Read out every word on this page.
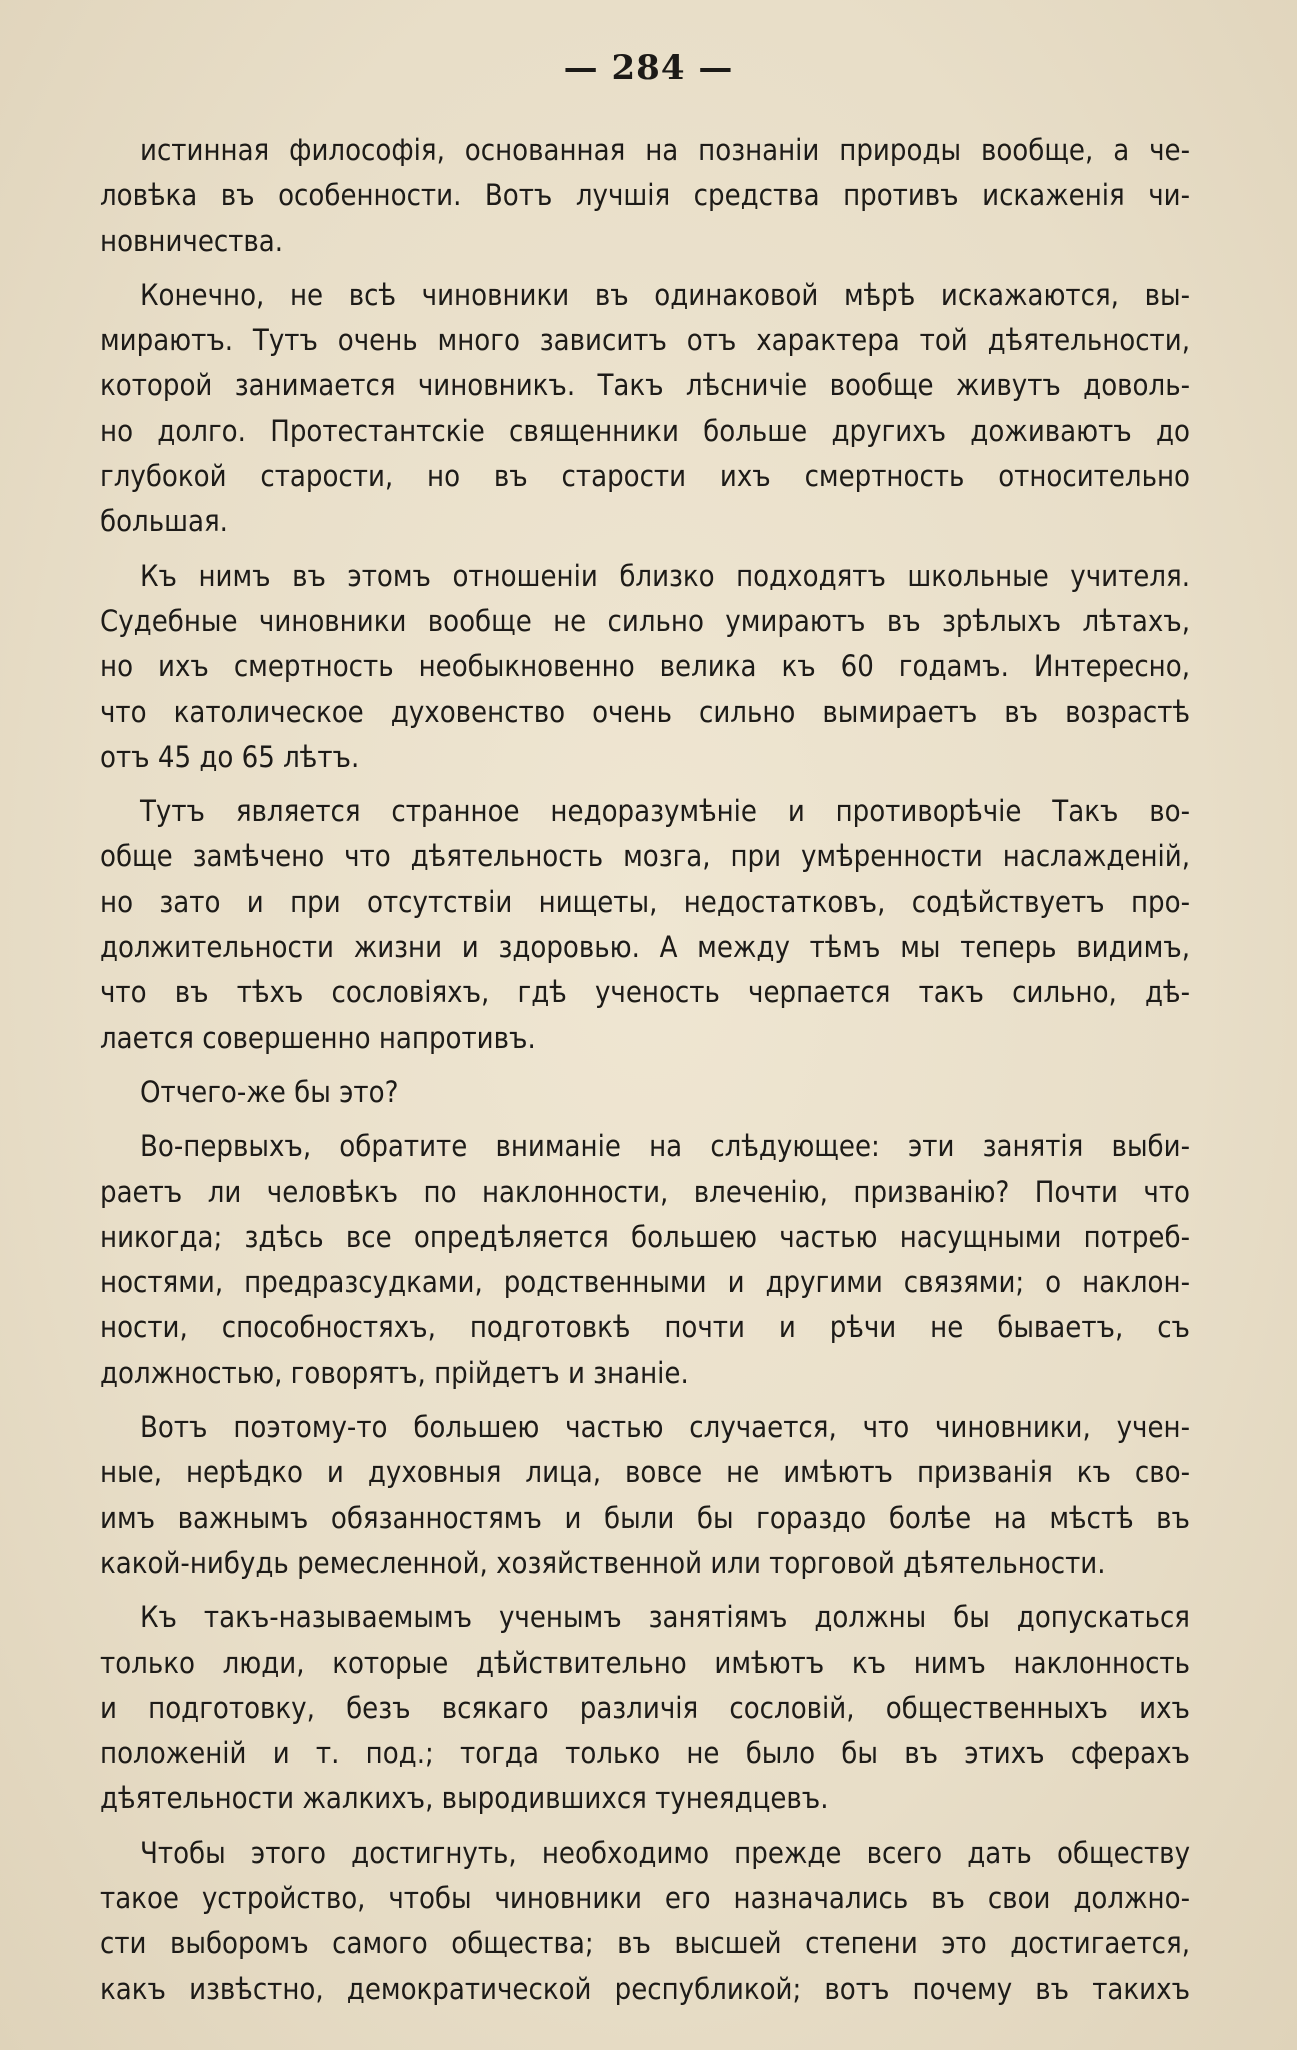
— 284 —
истинная философія, основанная на познаніи природы вообще, а че-
ловѣка въ особенности. Вотъ лучшія средства противъ искаженія чи-
новничества.
Конечно, не всѣ чиновники въ одинаковой мѣрѣ искажаются, вы-
мираютъ. Тутъ очень много зависитъ отъ характера той дѣятельности,
которой занимается чиновникъ. Такъ лѣсничіе вообще живутъ доволь-
но долго. Протестантскіе священники больше другихъ доживаютъ до
глубокой старости, но въ старости ихъ смертность относительно
большая.
Къ нимъ въ этомъ отношеніи близко подходятъ школьные учителя.
Судебные чиновники вообще не сильно умираютъ въ зрѣлыхъ лѣтахъ,
но ихъ смертность необыкновенно велика къ 60 годамъ. Интересно,
что католическое духовенство очень сильно вымираетъ въ возрастѣ
отъ 45 до 65 лѣтъ.
Тутъ является странное недоразумѣніе и противорѣчіе Такъ во-
обще замѣчено что дѣятельность мозга, при умѣренности наслажденій,
но зато и при отсутствіи нищеты, недостатковъ, содѣйствуетъ про-
должительности жизни и здоровью. А между тѣмъ мы теперь видимъ,
что въ тѣхъ сословіяхъ, гдѣ ученость черпается такъ сильно, дѣ-
лается совершенно напротивъ.
Отчего-же бы это?
Во-первыхъ, обратите вниманіе на слѣдующее: эти занятія выби-
раетъ ли человѣкъ по наклонности, влеченію, призванію? Почти что
никогда; здѣсь все опредѣляется большею частью насущными потреб-
ностями, предразсудками, родственными и другими связями; о наклон-
ности, способностяхъ, подготовкѣ почти и рѣчи не бываетъ, съ
должностью, говорятъ, прійдетъ и знаніе.
Вотъ поэтому-то большею частью случается, что чиновники, учен-
ные, нерѣдко и духовныя лица, вовсе не имѣютъ призванія къ сво-
имъ важнымъ обязанностямъ и были бы гораздо болѣе на мѣстѣ въ
какой-нибудь ремесленной, хозяйственной или торговой дѣятельности.
Къ такъ-называемымъ ученымъ занятіямъ должны бы допускаться
только люди, которые дѣйствительно имѣютъ къ нимъ наклонность
и подготовку, безъ всякаго различія сословій, общественныхъ ихъ
положеній и т. под.; тогда только не было бы въ этихъ сферахъ
дѣятельности жалкихъ, выродившихся тунеядцевъ.
Чтобы этого достигнуть, необходимо прежде всего дать обществу
такое устройство, чтобы чиновники его назначались въ свои должно-
сти выборомъ самого общества; въ высшей степени это достигается,
какъ извѣстно, демократической республикой; вотъ почему въ такихъ
